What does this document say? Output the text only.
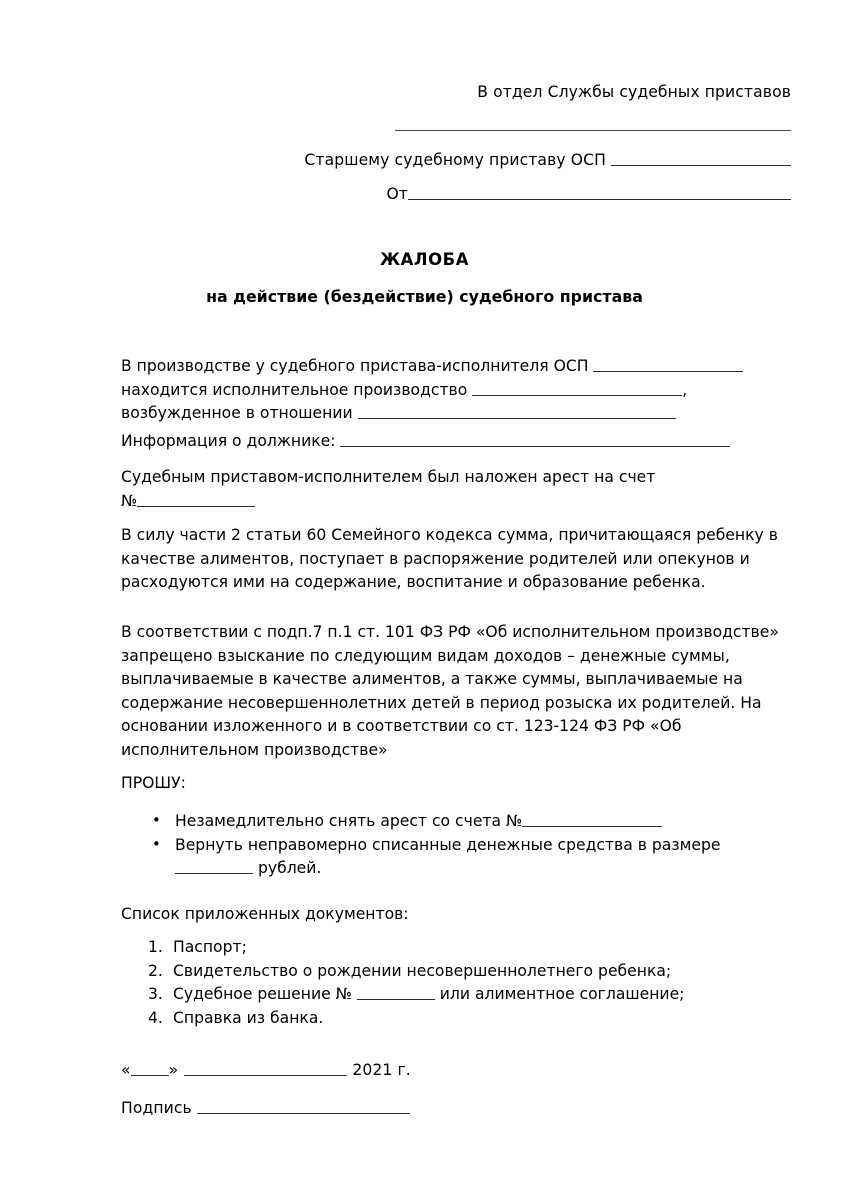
В отдел Службы судебных приставов
Старшему судебному приставу ОСП
От
ЖАЛОБА
на действие (бездействие) судебного пристава

В производстве у судебного пристава-исполнителя ОСП

находится исполнительное производство	,

возбужденное в отношении

Информация о должнике:

Судебным приставом-исполнителем был наложен арест на счет

№

В силу части 2 статьи 60 Семейного кодекса сумма, причитающаяся ребенку в качестве алиментов, поступает в распоряжение родителей или опекунов и расходуются ими на содержание, воспитание и образование ребенка.
В соответствии с подп.7 п.1 ст. 101 ФЗ РФ «Об исполнительном производстве» запрещено взыскание по следующим видам доходов – денежные суммы, выплачиваемые в качестве алиментов, а также суммы, выплачиваемые на содержание несовершеннолетних детей в период розыска их родителей. На основании изложенного и в соответствии со ст. 123-124 ФЗ РФ «Об исполнительном производстве»
ПРОШУ:
• Незамедлительно снять арест со счета №
• Вернуть неправомерно списанные денежные средства в размере
рублей.
Список приложенных документов:
1. Паспорт;
2. Свидетельство о рождении несовершеннолетнего ребенка;
3. Судебное решение №	или алиментное соглашение;
4. Справка из банка.
« »	2021 г.
Подпись
